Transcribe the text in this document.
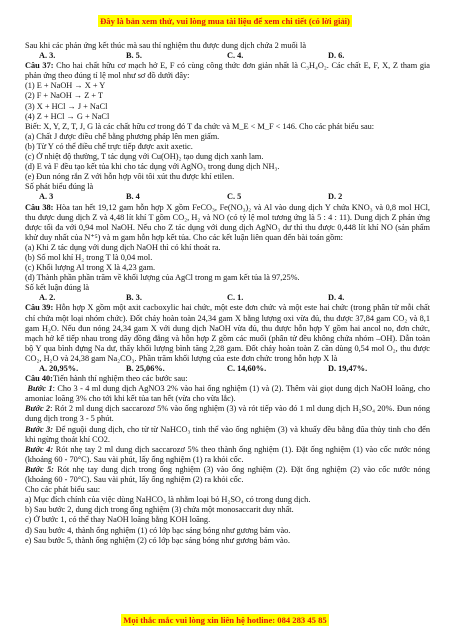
Đây là bản xem thử, vui lòng mua tài liệu để xem chi tiết (có lời giải)
Sau khi các phản ứng kết thúc mà sau thí nghiệm thu được dung dịch chứa 2 muối là
A. 3.	B. 5.	C. 4.	D. 6.
Câu 37: Cho hai chất hữu cơ mạch hở E, F có cùng công thức đơn giản nhất là C₃H₄O₂. Các chất E, F, X, Z tham gia phản ứng theo đúng tỉ lệ mol như sơ đồ dưới đây:
(1) E + NaOH → X + Y
(2) F + NaOH → Z + T
(3) X + HCl → J + NaCl
(4) Z + HCl → G + NaCl
Biết: X, Y, Z, T, J, G là các chất hữu cơ trong đó T đa chức và M_E < M_F < 146. Cho các phát biểu sau:
(a) Chất J được điều chế bằng phương pháp lên men giấm.
(b) Từ Y có thể điều chế trực tiếp được axit axetic.
(c) Ở nhiệt độ thường, T tác dụng với Cu(OH)₂ tạo dung dịch xanh lam.
(d) E và F đều tạo kết tủa khi cho tác dụng với AgNO₃ trong dung dịch NH₃.
(e) Đun nóng rắn Z với hỗn hợp vôi tôi xút thu được khí etilen.
Số phát biểu đúng là
A. 3	B. 4	C. 5	D. 2
Câu 38: Hòa tan hết 19,12 gam hỗn hợp X gồm FeCO₃, Fe(NO₃)₂ và Al vào dung dịch Y chứa KNO₃ và 0,8 mol HCl, thu được dung dịch Z và 4,48 lít khí T gồm CO₂, H₂ và NO (có tỷ lệ mol tương ứng là 5 : 4 : 11). Dung dịch Z phản ứng được tối đa với 0,94 mol NaOH. Nếu cho Z tác dụng với dung dịch AgNO₃ dư thì thu được 0,448 lít khí NO (sản phẩm khử duy nhất của N⁺⁵) và m gam hỗn hợp kết tủa. Cho các kết luận liên quan đến bài toán gồm:
(a) Khi Z tác dụng với dung dịch NaOH thì có khí thoát ra.
(b) Số mol khí H₂ trong T là 0,04 mol.
(c) Khối lượng Al trong X là 4,23 gam.
(d) Thành phần phần trăm về khối lượng của AgCl trong m gam kết tủa là 97,25%.
Số kết luận đúng là
A. 2.	B. 3.	C. 1.	D. 4.
Câu 39: Hỗn hợp X gồm một axit cacboxylic hai chức, một este đơn chức và một este hai chức (trong phân tử mỗi chất chỉ chứa một loại nhóm chức). Đốt cháy hoàn toàn 24,34 gam X bằng lượng oxi vừa đủ, thu được 37,84 gam CO₂ và 8,1 gam H₂O. Nếu đun nóng 24,34 gam X với dung dịch NaOH vừa đủ, thu được hỗn hợp Y gồm hai ancol no, đơn chức, mạch hở kế tiếp nhau trong dãy đồng đẳng và hỗn hợp Z gồm các muối (phân tử đều không chứa nhóm –OH). Dẫn toàn bộ Y qua bình đựng Na dư, thấy khối lượng bình tăng 2,28 gam. Đốt cháy hoàn toàn Z cần dùng 0,54 mol O₂, thu được CO₂, H₂O và 24,38 gam Na₂CO₃. Phần trăm khối lượng của este đơn chức trong hỗn hợp X là
A. 20,95%.	B. 25,06%.	C. 14,60%.	D. 19,47%.
Câu 40:Tiến hành thí nghiệm theo các bước sau:
Bước 1: Cho 3 - 4 ml dung dịch AgNO3 2% vào hai ống nghiệm (1) và (2). Thêm vài giọt dung dịch NaOH loãng, cho amoniac loãng 3% cho tới khi kết tủa tan hết (vừa cho vừa lắc).
Bước 2: Rót 2 ml dung dịch saccarozơ 5% vào ống nghiệm (3) và rót tiếp vào đó 1 ml dung dịch H₂SO₄ 20%. Đun nóng dung dịch trong 3 - 5 phút.
Bước 3: Để nguội dung dịch, cho từ từ NaHCO₃ tinh thể vào ống nghiệm (3) và khuấy đều bằng đũa thủy tinh cho đến khi ngừng thoát khí CO2.
Bước 4: Rót nhẹ tay 2 ml dung dịch saccarozơ 5% theo thành ống nghiệm (1). Đặt ống nghiệm (1) vào cốc nước nóng (khoảng 60 - 70°C). Sau vài phút, lấy ống nghiệm (1) ra khỏi cốc.
Bước 5: Rót nhẹ tay dung dịch trong ống nghiệm (3) vào ống nghiệm (2). Đặt ống nghiệm (2) vào cốc nước nóng (khoảng 60 - 70°C). Sau vài phút, lấy ống nghiệm (2) ra khỏi cốc.
Cho các phát biểu sau:
a) Mục đích chính của việc dùng NaHCO₃ là nhằm loại bỏ H₂SO₄ có trong dung dịch.
b) Sau bước 2, dung dịch trong ống nghiệm (3) chứa một monosaccarit duy nhất.
c) Ở bước 1, có thể thay NaOH loãng bằng KOH loãng.
d) Sau bước 4, thành ống nghiệm (1) có lớp bạc sáng bóng như gương bám vào.
e) Sau bước 5, thành ống nghiệm (2) có lớp bạc sáng bóng như gương bám vào.
Mọi thắc mắc vui lòng xin liên hệ hotline: 084 283 45 85
